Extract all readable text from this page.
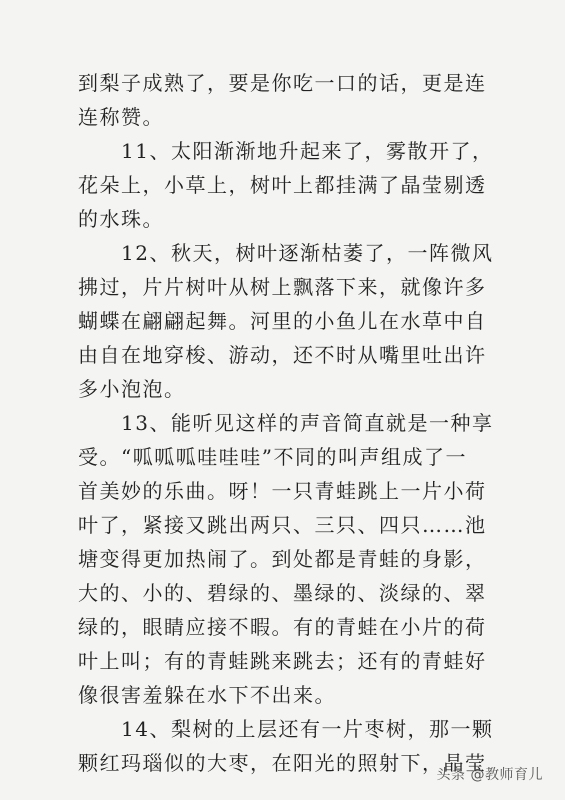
到梨子成熟了，要是你吃一口的话，更是连
连称赞。
　　11、太阳渐渐地升起来了，雾散开了，
花朵上，小草上，树叶上都挂满了晶莹剔透
的水珠。
　　12、秋天，树叶逐渐枯萎了，一阵微风
拂过，片片树叶从树上飘落下来，就像许多
蝴蝶在翩翩起舞。河里的小鱼儿在水草中自
由自在地穿梭、游动，还不时从嘴里吐出许
多小泡泡。
　　13、能听见这样的声音简直就是一种享
受。“呱呱呱哇哇哇”不同的叫声组成了一
首美妙的乐曲。呀！一只青蛙跳上一片小荷
叶了，紧接又跳出两只、三只、四只……池
塘变得更加热闹了。到处都是青蛙的身影，
大的、小的、碧绿的、墨绿的、淡绿的、翠
绿的，眼睛应接不暇。有的青蛙在小片的荷
叶上叫；有的青蛙跳来跳去；还有的青蛙好
像很害羞躲在水下不出来。
　　14、梨树的上层还有一片枣树，那一颗
颗红玛瑙似的大枣，在阳光的照射下，晶莹
头条 @教师育儿
